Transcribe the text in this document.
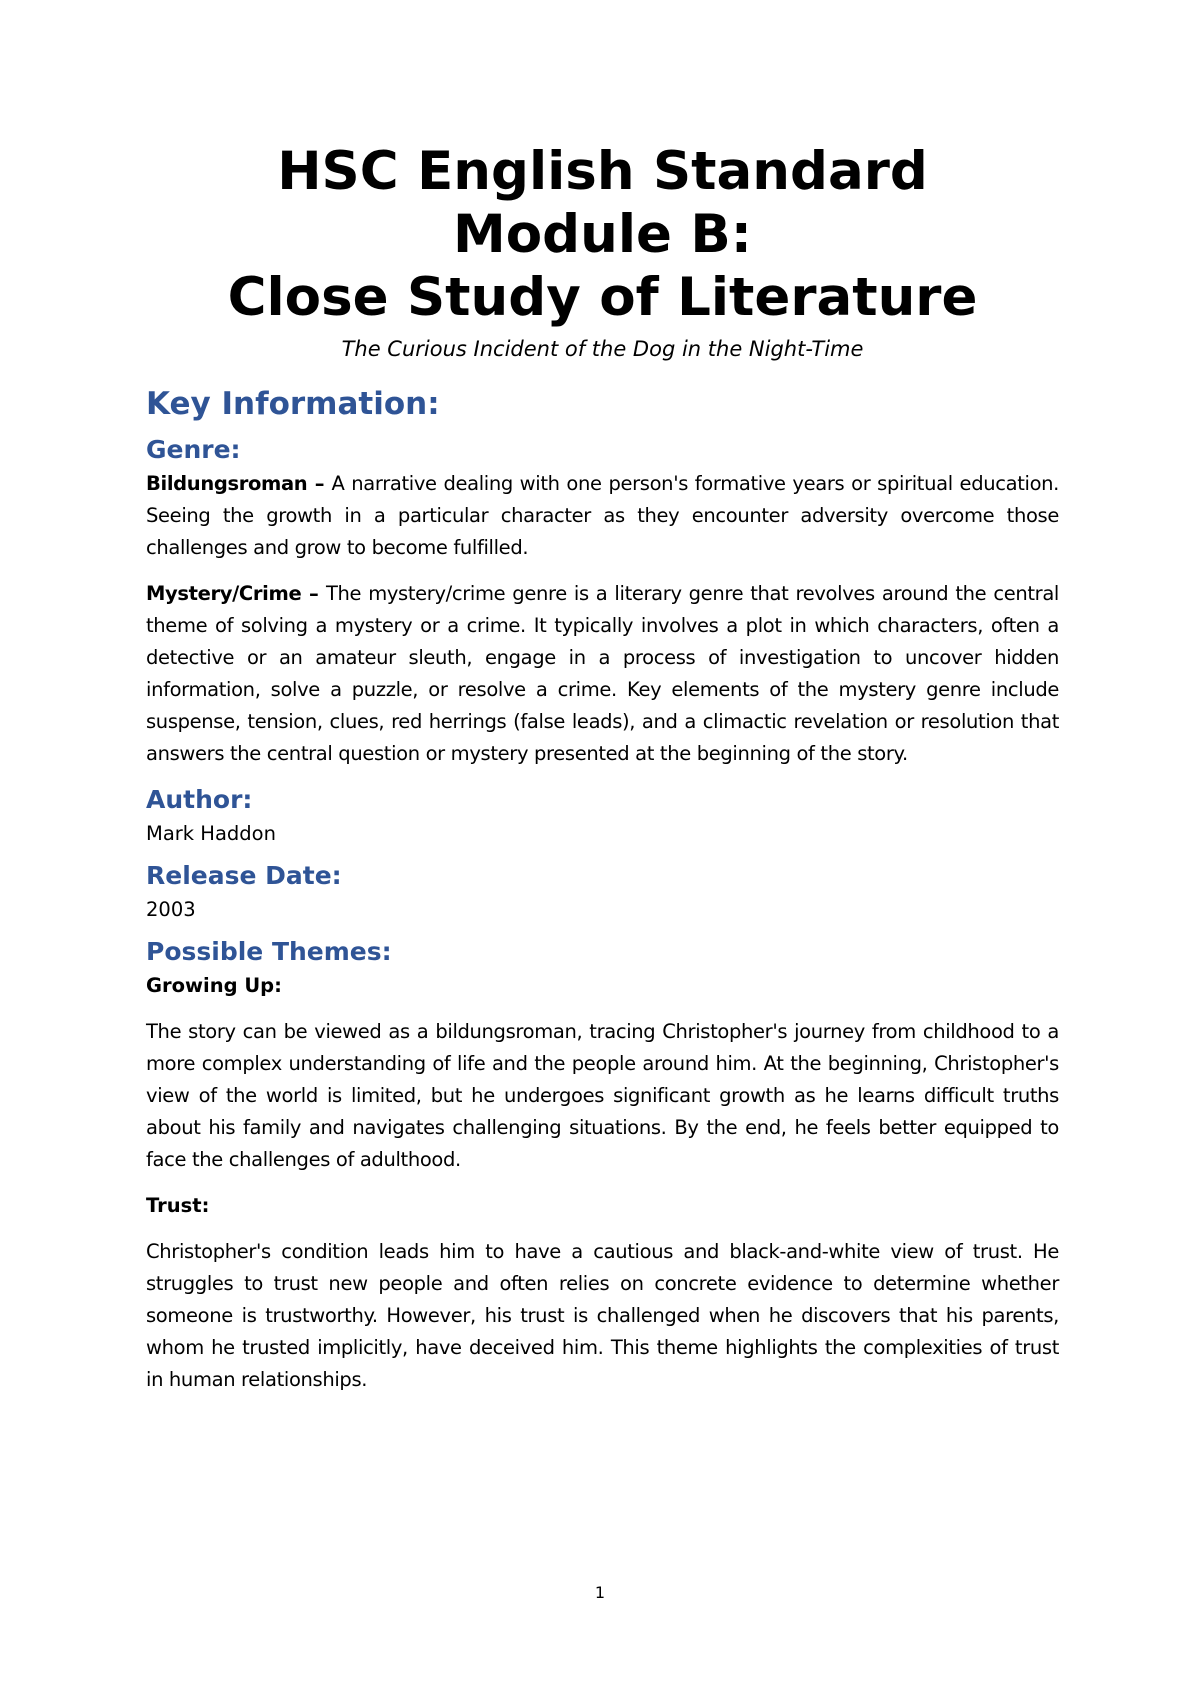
HSC English Standard
Module B:
Close Study of Literature

The Curious Incident of the Dog in the Night-Time

Key Information:
Genre:

Bildungsroman – A narrative dealing with one person's formative years or spiritual education. Seeing the growth in a particular character as they encounter adversity overcome those challenges and grow to become fulfilled.

Mystery/Crime – The mystery/crime genre is a literary genre that revolves around the central theme of solving a mystery or a crime. It typically involves a plot in which characters, often a detective or an amateur sleuth, engage in a process of investigation to uncover hidden information, solve a puzzle, or resolve a crime. Key elements of the mystery genre include suspense, tension, clues, red herrings (false leads), and a climactic revelation or resolution that answers the central question or mystery presented at the beginning of the story.

Author:

Mark Haddon

Release Date:

2003

Possible Themes:

Growing Up:

The story can be viewed as a bildungsroman, tracing Christopher's journey from childhood to a more complex understanding of life and the people around him. At the beginning, Christopher's view of the world is limited, but he undergoes significant growth as he learns difficult truths about his family and navigates challenging situations. By the end, he feels better equipped to face the challenges of adulthood.

Trust:

Christopher's condition leads him to have a cautious and black-and-white view of trust. He struggles to trust new people and often relies on concrete evidence to determine whether someone is trustworthy. However, his trust is challenged when he discovers that his parents, whom he trusted implicitly, have deceived him. This theme highlights the complexities of trust in human relationships.

1
